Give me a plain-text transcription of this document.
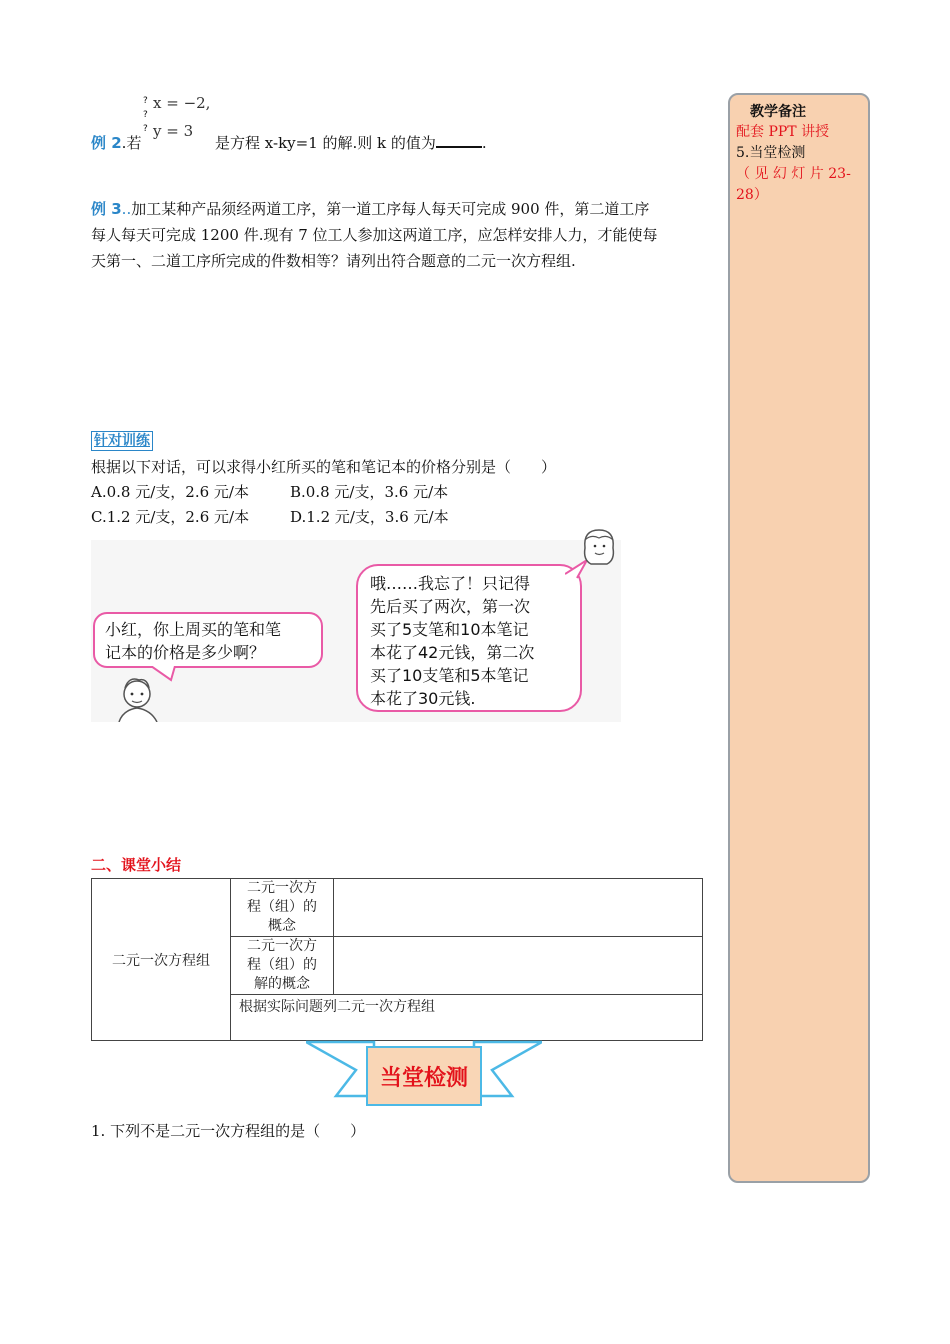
?
?
?
x = −2,
y = 3
例 2.若	是方程 x-ky=1 的解.则 k 的值为	.
例 3..加工某种产品须经两道工序，第一道工序每人每天可完成 900 件，第二道工序
每人每天可完成 1200 件.现有 7 位工人参加这两道工序，应怎样安排人力，才能使每
天第一、二道工序所完成的件数相等？请列出符合题意的二元一次方程组.
针对训练
根据以下对话，可以求得小红所买的笔和笔记本的价格分别是（　　）
A.0.8 元/支，2.6 元/本	B.0.8 元/支，3.6 元/本
C.1.2 元/支，2.6 元/本	D.1.2 元/支，3.6 元/本
小红，你上周买的笔和笔
记本的价格是多少啊？
哦……我忘了！只记得
先后买了两次，第一次
买了5支笔和10本笔记
本花了42元钱，第二次
买了10支笔和5本笔记
本花了30元钱.
二、课堂小结
二元一次方程组	二元一次方
程（组）的
概念	

	二元一次方
程（组）的
解的概念	

	根据实际问题列二元一次方程组	
当堂检测
1. 下列不是二元一次方程组的是（　　）
教学备注
配套 PPT 讲授
5.当堂检测
（ 见 幻 灯 片 23-
28）
